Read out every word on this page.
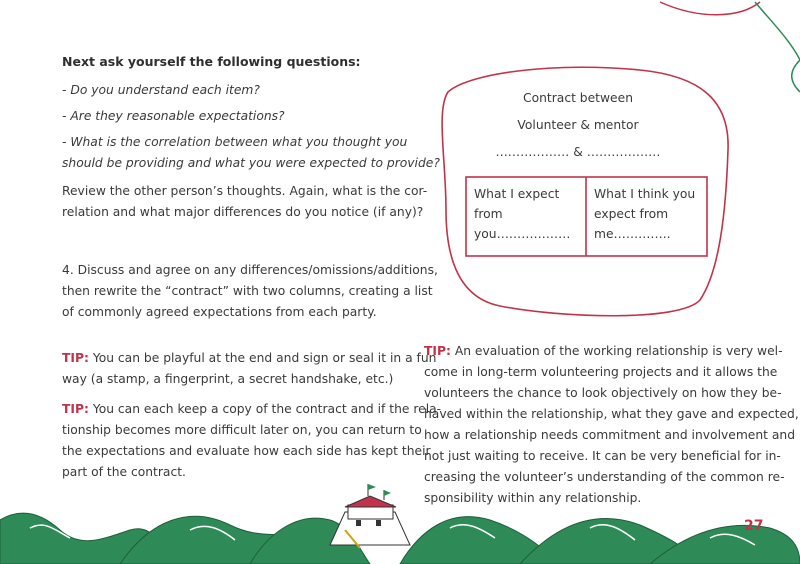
Next ask yourself the following questions:
- Do you understand each item?
- Are they reasonable expectations?
- What is the correlation between what you thought you
should be providing and what you were expected to provide?
Review the other person’s thoughts. Again, what is the cor-
relation and what major differences do you notice (if any)?
4. Discuss and agree on any differences/omissions/additions,
then rewrite the “contract” with two columns, creating a list
of commonly agreed expectations from each party.
TIP: You can be playful at the end and sign or seal it in a fun
way (a stamp, a fingerprint, a secret handshake, etc.)
TIP: You can each keep a copy of the contract and if the rela-
tionship becomes more difficult later on, you can return to
the expectations and evaluate how each side has kept their
part of the contract.
Contract between
Volunteer & mentor
……………… & ………………
What I expect
from
you………………
What I think you
expect from
me…………..
TIP: An evaluation of the working relationship is very wel-
come in long-term volunteering projects and it allows the
volunteers the chance to look objectively on how they be-
haved within the relationship, what they gave and expected,
how a relationship needs commitment and involvement and
not just waiting to receive. It can be very beneficial for in-
creasing the volunteer’s understanding of the common re-
sponsibility within any relationship.
27
